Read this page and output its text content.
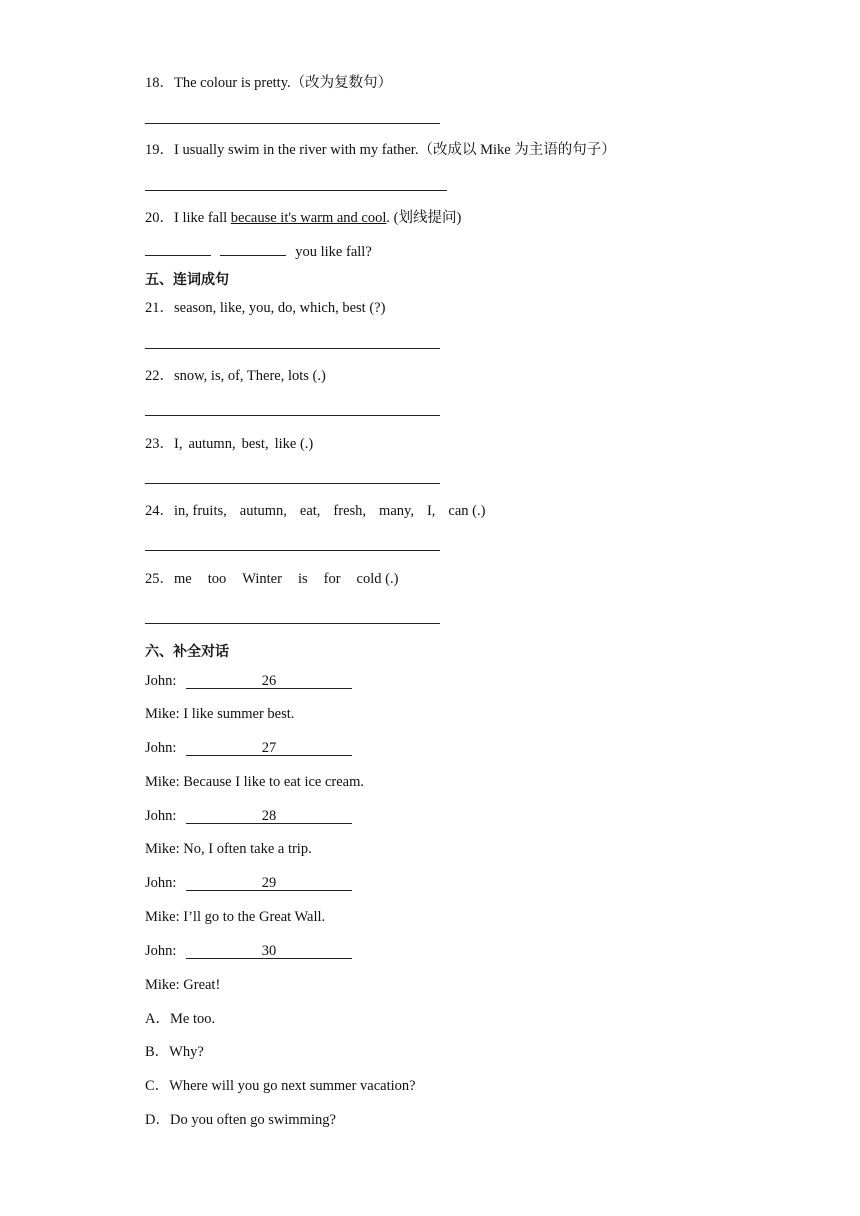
18．The colour is pretty.（改为复数句）
19．I usually swim in the river with my father.（改成以 Mike 为主语的句子）
20．I like fall because it's warm and cool. (划线提问)
you like fall?
五、连词成句
21．season, like, you, do, which, best (?)
22．snow, is, of, There, lots (.)
23．I, autumn, best, like (.)
24．in, fruits, autumn, eat, fresh, many, I, can (.)
25．me too Winter is for cold (.)
六、补全对话
John:	26
Mike: I like summer best.
John:	27
Mike: Because I like to eat ice cream.
John:	28
Mike: No, I often take a trip.
John:	29
Mike: I’ll go to the Great Wall.
John:	30
Mike: Great!
A．Me too.
B．Why?
C．Where will you go next summer vacation?
D．Do you often go swimming?
